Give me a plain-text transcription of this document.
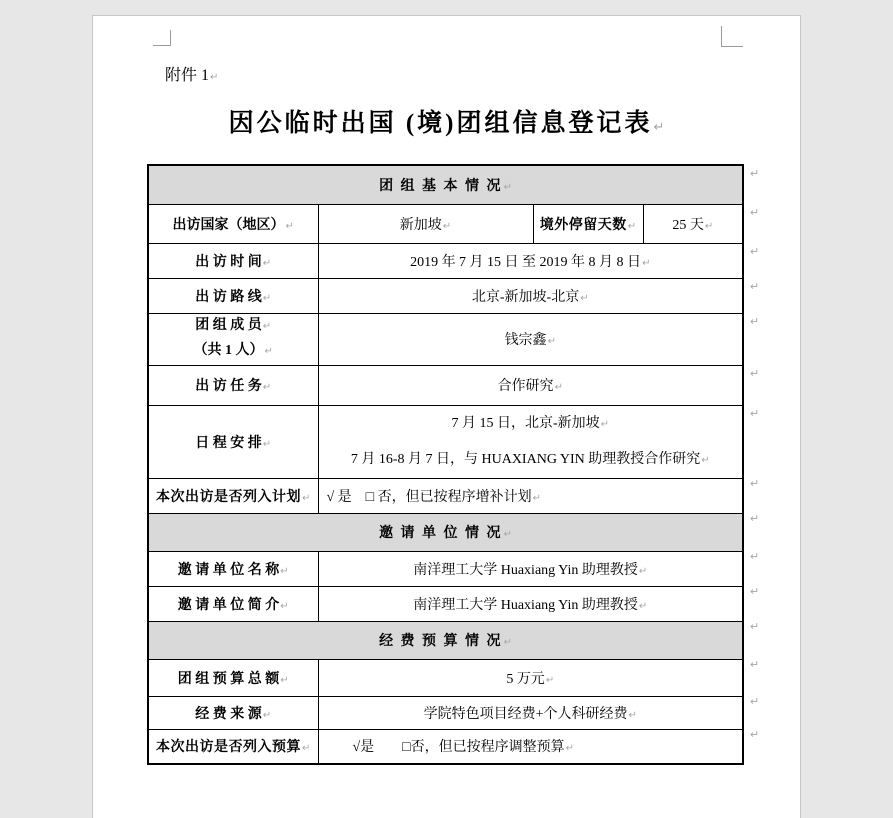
附件 1↵
因公临时出国 (境)团组信息登记表↵
团 组 基 本 情 况↵			
出访国家（地区）↵	新加坡↵	境外停留天数↵	25 天↵
出 访 时 间↵	2019 年 7 月 15 日 至 2019 年 8 月 8 日↵		
出 访 路 线↵	北京-新加坡-北京↵		

团 组 成 员↵
（共 1 人）↵	钱宗鑫↵		
出 访 任 务↵	合作研究↵		
日 程 安 排↵	7 月 15 日，北京-新加坡↵
7 月 16-8 月 7 日，与 HUAXIANG YIN 助理教授合作研究↵		

本次出访是否列入计划↵	√ 是　□ 否，但已按程序增补计划↵		
邀 请 单 位 情 况↵			
邀 请 单 位 名 称↵	南洋理工大学 Huaxiang Yin 助理教授↵		
邀 请 单 位 简 介↵	南洋理工大学 Huaxiang Yin 助理教授↵		
经 费 预 算 情 况↵			
团 组 预 算 总 额↵	5 万元↵		
经 费 来 源↵	学院特色项目经费+个人科研经费↵		
本次出访是否列入预算↵	√是　　□否，但已按程序调整预算↵		
↵
↵
↵
↵
↵
↵
↵
↵
↵
↵
↵
↵
↵
↵
↵
